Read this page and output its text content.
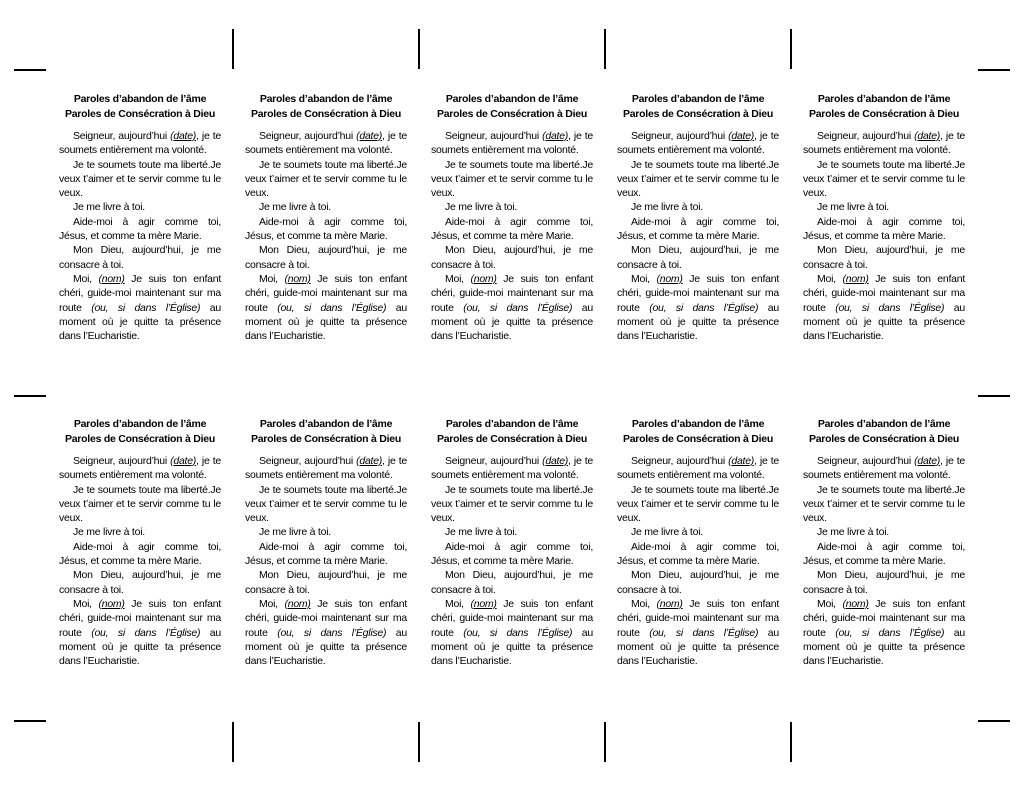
Paroles d’abandon de l’âme
Paroles de Consécration à Dieu

Seigneur, aujourd’hui (date), je te soumets entièrement ma volonté.

Je te soumets toute ma liberté.Je veux t’aimer et te servir comme tu le veux.

Je me livre à toi.

Aide-moi à agir comme toi, Jésus, et comme ta mère Marie.

Mon Dieu, aujourd’hui, je me consacre à toi.

Moi, (nom) Je suis ton enfant chéri, guide-moi maintenant sur ma route (ou, si dans l’Église) au moment où je quitte ta présence dans l’Eucharistie.

Paroles d’abandon de l’âme
Paroles de Consécration à Dieu

Seigneur, aujourd’hui (date), je te soumets entièrement ma volonté.

Je te soumets toute ma liberté.Je veux t’aimer et te servir comme tu le veux.

Je me livre à toi.

Aide-moi à agir comme toi, Jésus, et comme ta mère Marie.

Mon Dieu, aujourd’hui, je me consacre à toi.

Moi, (nom) Je suis ton enfant chéri, guide-moi maintenant sur ma route (ou, si dans l’Église) au moment où je quitte ta présence dans l’Eucharistie.

Paroles d’abandon de l’âme
Paroles de Consécration à Dieu

Seigneur, aujourd’hui (date), je te soumets entièrement ma volonté.

Je te soumets toute ma liberté.Je veux t’aimer et te servir comme tu le veux.

Je me livre à toi.

Aide-moi à agir comme toi, Jésus, et comme ta mère Marie.

Mon Dieu, aujourd’hui, je me consacre à toi.

Moi, (nom) Je suis ton enfant chéri, guide-moi maintenant sur ma route (ou, si dans l’Église) au moment où je quitte ta présence dans l’Eucharistie.

Paroles d’abandon de l’âme
Paroles de Consécration à Dieu

Seigneur, aujourd’hui (date), je te soumets entièrement ma volonté.

Je te soumets toute ma liberté.Je veux t’aimer et te servir comme tu le veux.

Je me livre à toi.

Aide-moi à agir comme toi, Jésus, et comme ta mère Marie.

Mon Dieu, aujourd’hui, je me consacre à toi.

Moi, (nom) Je suis ton enfant chéri, guide-moi maintenant sur ma route (ou, si dans l’Église) au moment où je quitte ta présence dans l’Eucharistie.

Paroles d’abandon de l’âme
Paroles de Consécration à Dieu

Seigneur, aujourd’hui (date), je te soumets entièrement ma volonté.

Je te soumets toute ma liberté.Je veux t’aimer et te servir comme tu le veux.

Je me livre à toi.

Aide-moi à agir comme toi, Jésus, et comme ta mère Marie.

Mon Dieu, aujourd’hui, je me consacre à toi.

Moi, (nom) Je suis ton enfant chéri, guide-moi maintenant sur ma route (ou, si dans l’Église) au moment où je quitte ta présence dans l’Eucharistie.

Paroles d’abandon de l’âme
Paroles de Consécration à Dieu

Seigneur, aujourd’hui (date), je te soumets entièrement ma volonté.

Je te soumets toute ma liberté.Je veux t’aimer et te servir comme tu le veux.

Je me livre à toi.

Aide-moi à agir comme toi, Jésus, et comme ta mère Marie.

Mon Dieu, aujourd’hui, je me consacre à toi.

Moi, (nom) Je suis ton enfant chéri, guide-moi maintenant sur ma route (ou, si dans l’Église) au moment où je quitte ta présence dans l’Eucharistie.

Paroles d’abandon de l’âme
Paroles de Consécration à Dieu

Seigneur, aujourd’hui (date), je te soumets entièrement ma volonté.

Je te soumets toute ma liberté.Je veux t’aimer et te servir comme tu le veux.

Je me livre à toi.

Aide-moi à agir comme toi, Jésus, et comme ta mère Marie.

Mon Dieu, aujourd’hui, je me consacre à toi.

Moi, (nom) Je suis ton enfant chéri, guide-moi maintenant sur ma route (ou, si dans l’Église) au moment où je quitte ta présence dans l’Eucharistie.

Paroles d’abandon de l’âme
Paroles de Consécration à Dieu

Seigneur, aujourd’hui (date), je te soumets entièrement ma volonté.

Je te soumets toute ma liberté.Je veux t’aimer et te servir comme tu le veux.

Je me livre à toi.

Aide-moi à agir comme toi, Jésus, et comme ta mère Marie.

Mon Dieu, aujourd’hui, je me consacre à toi.

Moi, (nom) Je suis ton enfant chéri, guide-moi maintenant sur ma route (ou, si dans l’Église) au moment où je quitte ta présence dans l’Eucharistie.

Paroles d’abandon de l’âme
Paroles de Consécration à Dieu

Seigneur, aujourd’hui (date), je te soumets entièrement ma volonté.

Je te soumets toute ma liberté.Je veux t’aimer et te servir comme tu le veux.

Je me livre à toi.

Aide-moi à agir comme toi, Jésus, et comme ta mère Marie.

Mon Dieu, aujourd’hui, je me consacre à toi.

Moi, (nom) Je suis ton enfant chéri, guide-moi maintenant sur ma route (ou, si dans l’Église) au moment où je quitte ta présence dans l’Eucharistie.

Paroles d’abandon de l’âme
Paroles de Consécration à Dieu

Seigneur, aujourd’hui (date), je te soumets entièrement ma volonté.

Je te soumets toute ma liberté.Je veux t’aimer et te servir comme tu le veux.

Je me livre à toi.

Aide-moi à agir comme toi, Jésus, et comme ta mère Marie.

Mon Dieu, aujourd’hui, je me consacre à toi.

Moi, (nom) Je suis ton enfant chéri, guide-moi maintenant sur ma route (ou, si dans l’Église) au moment où je quitte ta présence dans l’Eucharistie.
